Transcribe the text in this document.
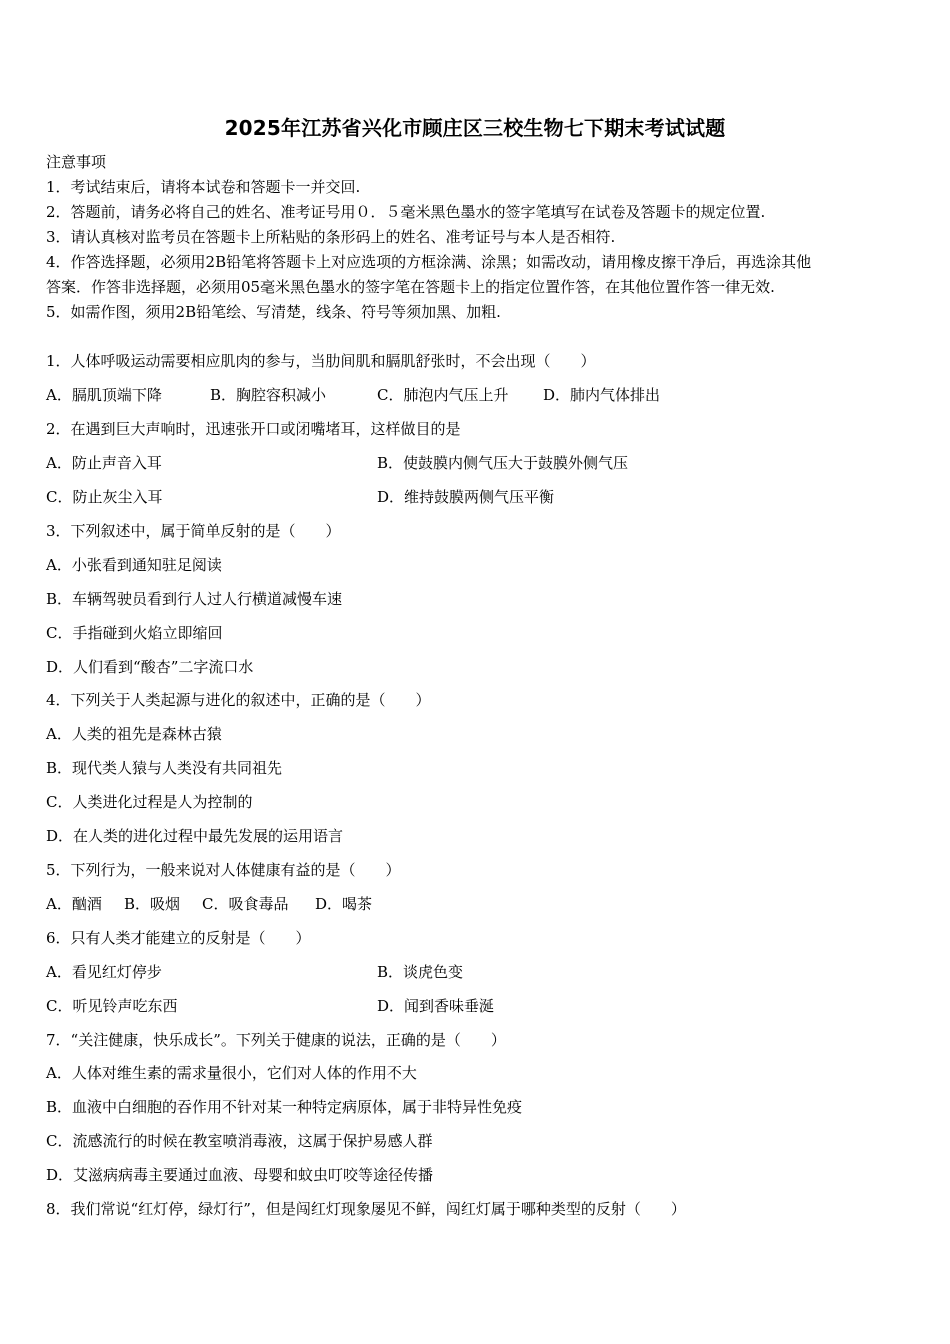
2025年江苏省兴化市顾庄区三校生物七下期末考试试题
注意事项
1．考试结束后，请将本试卷和答题卡一并交回.
2．答题前，请务必将自己的姓名、准考证号用０．５毫米黑色墨水的签字笔填写在试卷及答题卡的规定位置.
3．请认真核对监考员在答题卡上所粘贴的条形码上的姓名、准考证号与本人是否相符.
4．作答选择题，必须用2B铅笔将答题卡上对应选项的方框涂满、涂黑；如需改动，请用橡皮擦干净后，再选涂其他
答案．作答非选择题，必须用05毫米黑色墨水的签字笔在答题卡上的指定位置作答，在其他位置作答一律无效.
5．如需作图，须用2B铅笔绘、写清楚，线条、符号等须加黑、加粗.
1．人体呼吸运动需要相应肌肉的参与，当肋间肌和膈肌舒张时，不会出现（　　）
A．膈肌顶端下降	B．胸腔容积减小	C．肺泡内气压上升 D．肺内气体排出
2．在遇到巨大声响时，迅速张开口或闭嘴堵耳，这样做目的是
A．防止声音入耳	B．使鼓膜内侧气压大于鼓膜外侧气压
C．防止灰尘入耳	D．维持鼓膜两侧气压平衡
3．下列叙述中，属于简单反射的是（　　）
A．小张看到通知驻足阅读
B．车辆驾驶员看到行人过人行横道减慢车速
C．手指碰到火焰立即缩回
D．人们看到“酸杏”二字流口水
4．下列关于人类起源与进化的叙述中，正确的是（　　）
A．人类的祖先是森林古猿
B．现代类人猿与人类没有共同祖先
C．人类进化过程是人为控制的
D．在人类的进化过程中最先发展的运用语言
5．下列行为，一般来说对人体健康有益的是（　　）
A．酗酒 B．吸烟 C．吸食毒品 D．喝茶
6．只有人类才能建立的反射是（　　）
A．看见红灯停步	B．谈虎色变
C．听见铃声吃东西	D．闻到香味垂涎
7．“关注健康，快乐成长”。下列关于健康的说法，正确的是（　　）
A．人体对维生素的需求量很小，它们对人体的作用不大
B．血液中白细胞的吞作用不针对某一种特定病原体，属于非特异性免疫
C．流感流行的时候在教室喷消毒液，这属于保护易感人群
D．艾滋病病毒主要通过血液、母婴和蚊虫叮咬等途径传播
8．我们常说“红灯停，绿灯行”，但是闯红灯现象屡见不鲜，闯红灯属于哪种类型的反射（　　）
